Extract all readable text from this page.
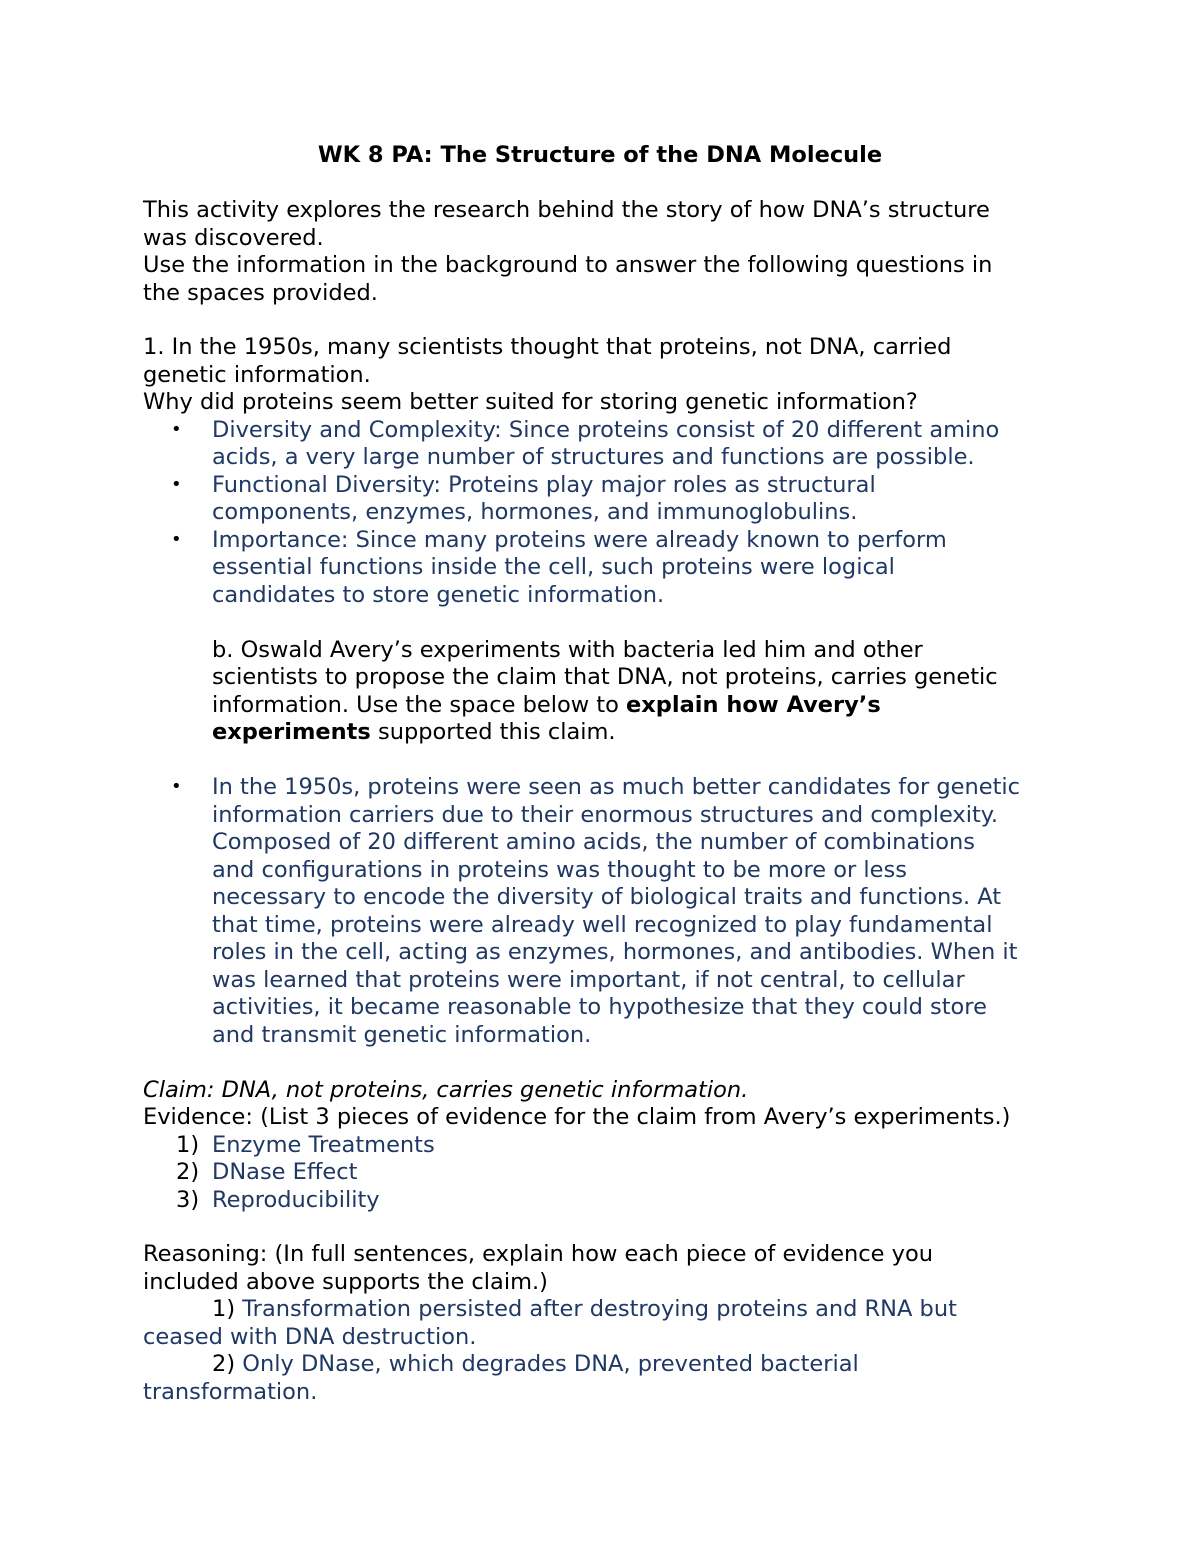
WK 8 PA: The Structure of the DNA Molecule
This activity explores the research behind the story of how DNA’s structure
was discovered.
Use the information in the background to answer the following questions in
the spaces provided.
1. In the 1950s, many scientists thought that proteins, not DNA, carried
genetic information.
Why did proteins seem better suited for storing genetic information?
• Diversity and Complexity: Since proteins consist of 20 different amino
acids, a very large number of structures and functions are possible.
• Functional Diversity: Proteins play major roles as structural
components, enzymes, hormones, and immunoglobulins.
• Importance: Since many proteins were already known to perform
essential functions inside the cell, such proteins were logical
candidates to store genetic information.
b. Oswald Avery’s experiments with bacteria led him and other
scientists to propose the claim that DNA, not proteins, carries genetic
information. Use the space below to explain how Avery’s
experiments supported this claim.
• In the 1950s, proteins were seen as much better candidates for genetic
information carriers due to their enormous structures and complexity.
Composed of 20 different amino acids, the number of combinations
and configurations in proteins was thought to be more or less
necessary to encode the diversity of biological traits and functions. At
that time, proteins were already well recognized to play fundamental
roles in the cell, acting as enzymes, hormones, and antibodies. When it
was learned that proteins were important, if not central, to cellular
activities, it became reasonable to hypothesize that they could store
and transmit genetic information.
Claim: DNA, not proteins, carries genetic information.
Evidence: (List 3 pieces of evidence for the claim from Avery’s experiments.)
1) Enzyme Treatments
2) DNase Effect
3) Reproducibility
Reasoning: (In full sentences, explain how each piece of evidence you
included above supports the claim.)
1) Transformation persisted after destroying proteins and RNA but
ceased with DNA destruction.
2) Only DNase, which degrades DNA, prevented bacterial
transformation.
